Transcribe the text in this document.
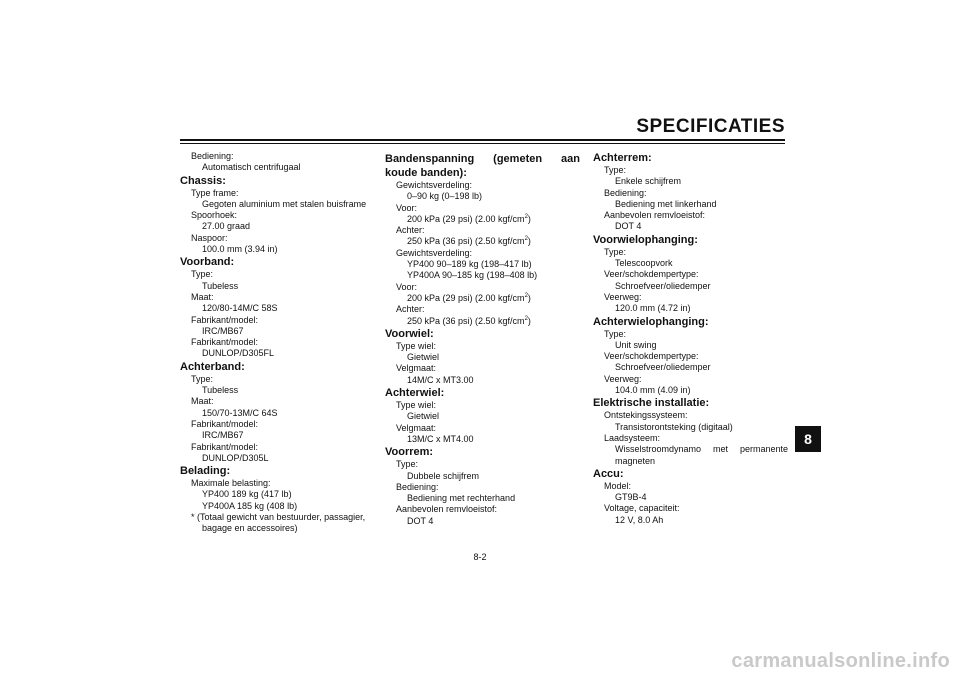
SPECIFICATIES
8
Bediening:
Automatisch centrifugaal
Chassis:
Type frame:
Gegoten aluminium met stalen buisframe
Spoorhoek:
27.00 graad
Naspoor:
100.0 mm (3.94 in)
Voorband:
Type:
Tubeless
Maat:
120/80-14M/C 58S
Fabrikant/model:
IRC/MB67
Fabrikant/model:
DUNLOP/D305FL
Achterband:
Type:
Tubeless
Maat:
150/70-13M/C 64S
Fabrikant/model:
IRC/MB67
Fabrikant/model:
DUNLOP/D305L
Belading:
Maximale belasting:
YP400 189 kg (417 lb)
YP400A 185 kg (408 lb)
* (Totaal gewicht van bestuurder, passagier, bagage en accessoires)
Bandenspanning (gemeten aan koude banden):
Gewichtsverdeling:
0–90 kg (0–198 lb)
Voor:
200 kPa (29 psi) (2.00 kgf/$cm^2$)
Achter:
250 kPa (36 psi) (2.50 kgf/$cm^2$)
Gewichtsverdeling:
YP400 90–189 kg (198–417 lb)
YP400A 90–185 kg (198–408 lb)
Voor:
200 kPa (29 psi) (2.00 kgf/$cm^2$)
Achter:
250 kPa (36 psi) (2.50 kgf/$cm^2$)
Voorwiel:
Type wiel:
Gietwiel
Velgmaat:
14M/C x MT3.00
Achterwiel:
Type wiel:
Gietwiel
Velgmaat:
13M/C x MT4.00
Voorrem:
Type:
Dubbele schijfrem
Bediening:
Bediening met rechterhand
Aanbevolen remvloeistof:
DOT 4
Achterrem:
Type:
Enkele schijfrem
Bediening:
Bediening met linkerhand
Aanbevolen remvloeistof:
DOT 4
Voorwielophanging:
Type:
Telescoopvork
Veer/schokdempertype:
Schroefveer/oliedemper
Veerweg:
120.0 mm (4.72 in)
Achterwielophanging:
Type:
Unit swing
Veer/schokdempertype:
Schroefveer/oliedemper
Veerweg:
104.0 mm (4.09 in)
Elektrische installatie:
Ontstekingssysteem:
Transistorontsteking (digitaal)
Laadsysteem:
Wisselstroomdynamo met permanente magneten
Accu:
Model:
GT9B-4
Voltage, capaciteit:
12 V, 8.0 Ah
8-2
carmanualsonline.info
